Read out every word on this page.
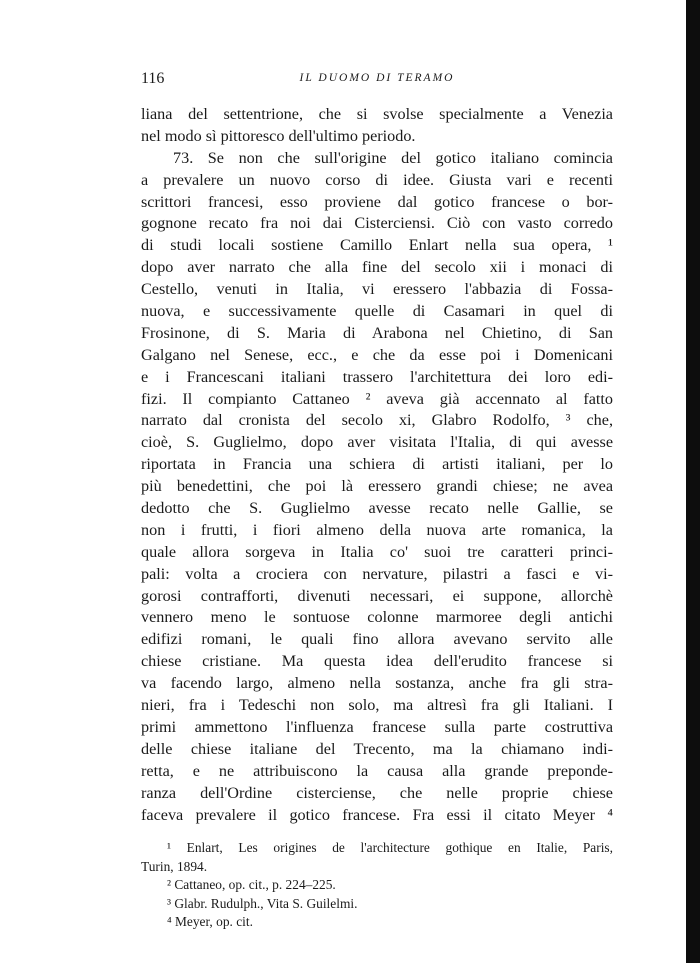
116	IL DUOMO DI TERAMO
liana del settentrione, che si svolse specialmente a Venezia
nel modo sì pittoresco dell'ultimo periodo.
73. Se non che sull'origine del gotico italiano comincia
a prevalere un nuovo corso di idee. Giusta vari e recenti
scrittori francesi, esso proviene dal gotico francese o bor-
gognone recato fra noi dai Cisterciensi. Ciò con vasto corredo
di studi locali sostiene Camillo Enlart nella sua opera, ¹
dopo aver narrato che alla fine del secolo xii i monaci di
Cestello, venuti in Italia, vi eressero l'abbazia di Fossa-
nuova, e successivamente quelle di Casamari in quel di
Frosinone, di S. Maria di Arabona nel Chietino, di San
Galgano nel Senese, ecc., e che da esse poi i Domenicani
e i Francescani italiani trassero l'architettura dei loro edi-
fizi. Il compianto Cattaneo ² aveva già accennato al fatto
narrato dal cronista del secolo xi, Glabro Rodolfo, ³ che,
cioè, S. Guglielmo, dopo aver visitata l'Italia, di qui avesse
riportata in Francia una schiera di artisti italiani, per lo
più benedettini, che poi là eressero grandi chiese; ne avea
dedotto che S. Guglielmo avesse recato nelle Gallie, se
non i frutti, i fiori almeno della nuova arte romanica, la
quale allora sorgeva in Italia co' suoi tre caratteri princi-
pali: volta a crociera con nervature, pilastri a fasci e vi-
gorosi contrafforti, divenuti necessari, ei suppone, allorchè
vennero meno le sontuose colonne marmoree degli antichi
edifizi romani, le quali fino allora avevano servito alle
chiese cristiane. Ma questa idea dell'erudito francese si
va facendo largo, almeno nella sostanza, anche fra gli stra-
nieri, fra i Tedeschi non solo, ma altresì fra gli Italiani. I
primi ammettono l'influenza francese sulla parte costruttiva
delle chiese italiane del Trecento, ma la chiamano indi-
retta, e ne attribuiscono la causa alla grande preponde-
ranza dell'Ordine cisterciense, che nelle proprie chiese
faceva prevalere il gotico francese. Fra essi il citato Meyer ⁴
¹ Enlart, Les origines de l'architecture gothique en Italie, Paris,
Turin, 1894.
² Cattaneo, op. cit., p. 224–225.
³ Glabr. Rudulph., Vita S. Guilelmi.
⁴ Meyer, op. cit.
